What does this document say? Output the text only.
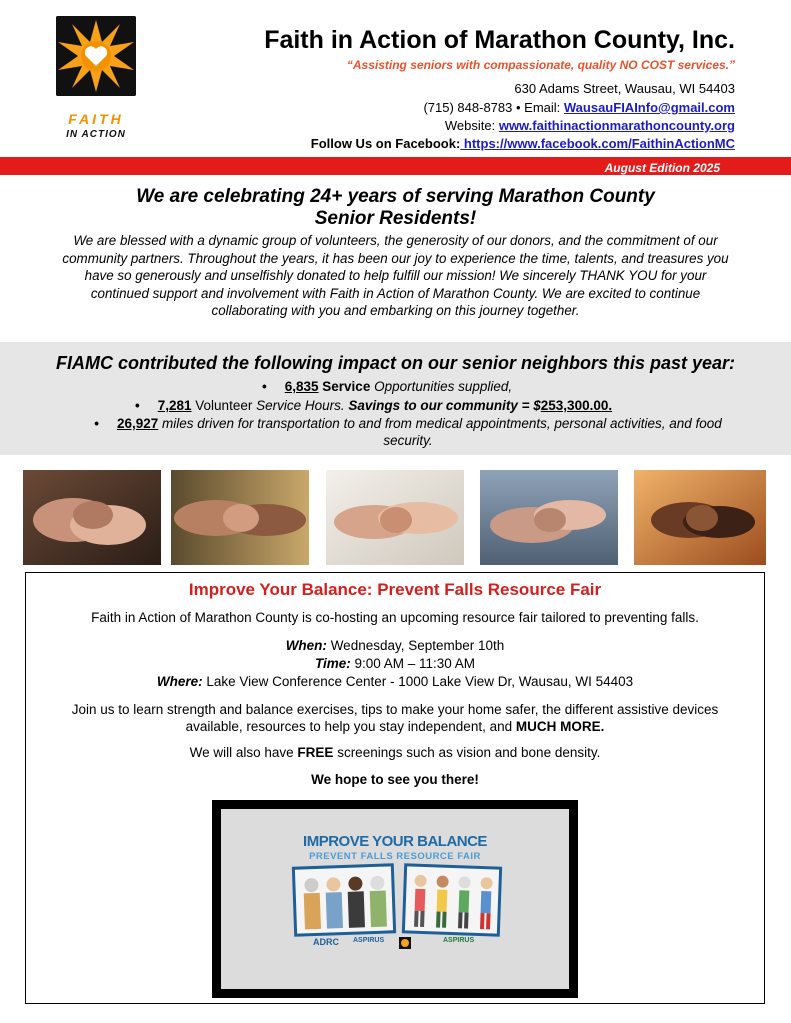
FAITH
IN ACTION
Faith in Action of Marathon County, Inc.
“Assisting seniors with compassionate, quality NO COST services.”
630 Adams Street, Wausau, WI 54403
(715) 848-8783 • Email: WausauFIAInfo@gmail.com
Website: www.faithinactionmarathoncounty.org
Follow Us on Facebook: https://www.facebook.com/FaithinActionMC
August Edition 2025
We are celebrating 24+ years of serving Marathon County
Senior Residents!
We are blessed with a dynamic group of volunteers, the generosity of our donors, and the commitment of our community partners. Throughout the years, it has been our joy to experience the time, talents, and treasures you have so generously and unselfishly donated to help fulfill our mission! We sincerely THANK YOU for your continued support and involvement with Faith in Action of Marathon County. We are excited to continue collaborating with you and embarking on this journey together.
FIAMC contributed the following impact on our senior neighbors this past year:
• 6,835 Service Opportunities supplied,
• 7,281 Volunteer Service Hours. Savings to our community = $253,300.00.
• 26,927 miles driven for transportation to and from medical appointments, personal activities, and food security.
Improve Your Balance: Prevent Falls Resource Fair
Faith in Action of Marathon County is co-hosting an upcoming resource fair tailored to preventing falls.
When: Wednesday, September 10th
Time: 9:00 AM – 11:30 AM
Where: Lake View Conference Center - 1000 Lake View Dr, Wausau, WI 54403
Join us to learn strength and balance exercises, tips to make your home safer, the different assistive devices available, resources to help you stay independent, and MUCH MORE.
We will also have FREE screenings such as vision and bone density.
We hope to see you there!
IMPROVE YOUR BALANCE
PREVENT FALLS RESOURCE FAIR
ADRC ASPIRUS	ASPIRUS
